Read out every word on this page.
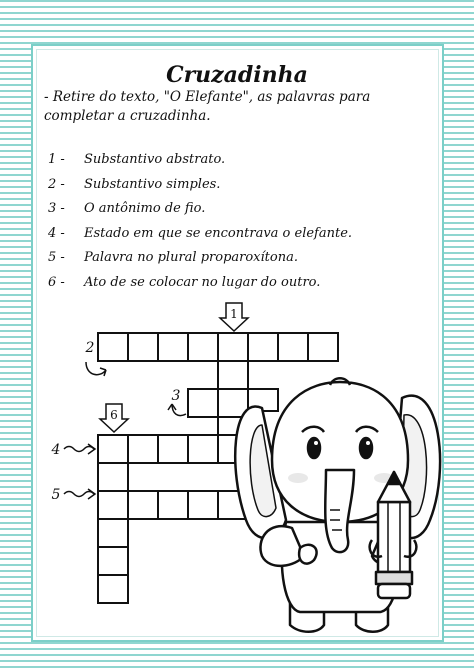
Cruzadinha
- Retire do texto, "O Elefante", as palavras para completar a cruzadinha.
1 - Substantivo abstrato.
2 - Substantivo simples.
3 - O antônimo de fio.
4 - Estado em que se encontrava o elefante.
5 - Palavra no plural proparoxítona.
6 - Ato de se colocar no lugar do outro.
1
6
2
3
4
5
